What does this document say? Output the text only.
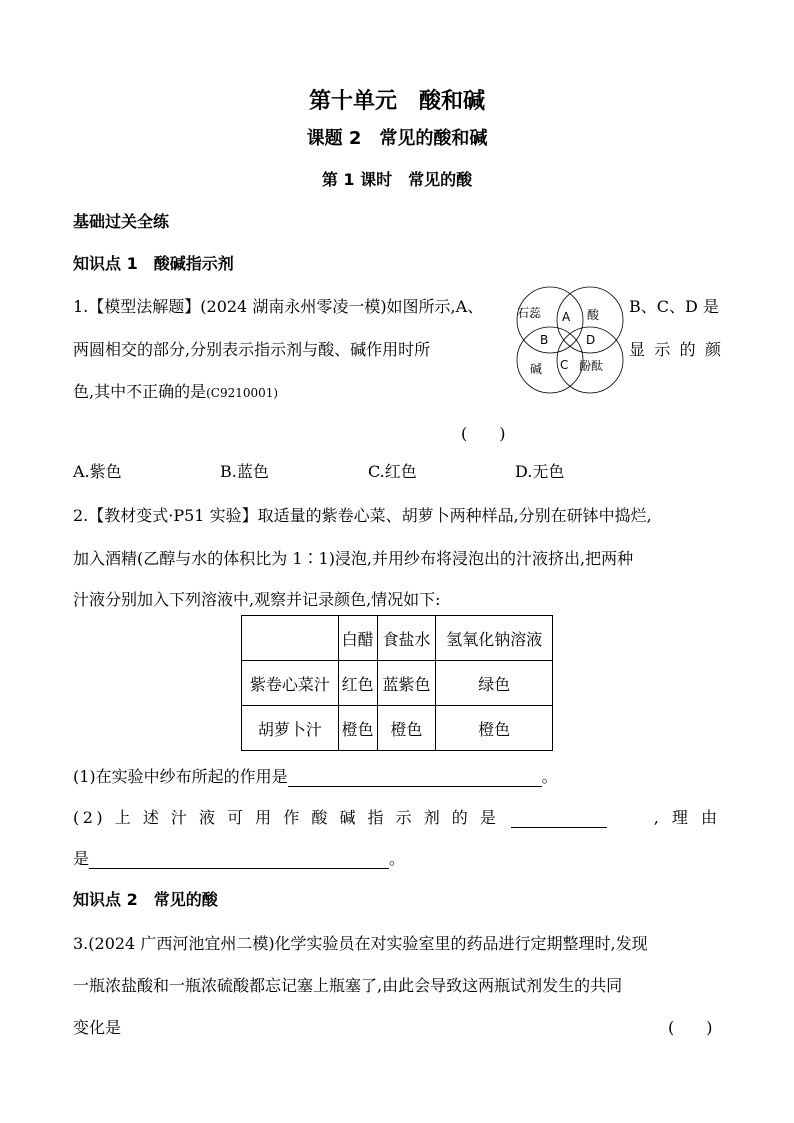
第十单元　酸和碱
课题 2　常见的酸和碱
第 1 课时　常见的酸
基础过关全练
知识点 1　酸碱指示剂
1.【模型法解题】(2024 湖南永州零凌一模)如图所示,A、	B、C、D 是
两圆相交的部分,分别表示指示剂与酸、碱作用时所	显 示 的 颜
色,其中不正确的是(C9210001)
(　　)
石蕊	酸
碱	酚酞
A
B
C
D
A.紫色	B.蓝色	C.红色	D.无色
2.【教材变式·P51 实验】取适量的紫卷心菜、胡萝卜两种样品,分别在研钵中捣烂,
加入酒精(乙醇与水的体积比为 1∶1)浸泡,并用纱布将浸泡出的汁液挤出,把两种
汁液分别加入下列溶液中,观察并记录颜色,情况如下:
	白醋	食盐水	氢氧化钠溶液
紫卷心菜汁	红色	蓝紫色	绿色
胡萝卜汁	橙色	橙色	橙色
(1)在实验中纱布所起的作用是	。
(2) 上 述 汁 液 可 用 作 酸 碱 指 示 剂 的 是	, 理 由
是	。
知识点 2　常见的酸
3.(2024 广西河池宜州二模)化学实验员在对实验室里的药品进行定期整理时,发现
一瓶浓盐酸和一瓶浓硫酸都忘记塞上瓶塞了,由此会导致这两瓶试剂发生的共同
变化是	(　　)
